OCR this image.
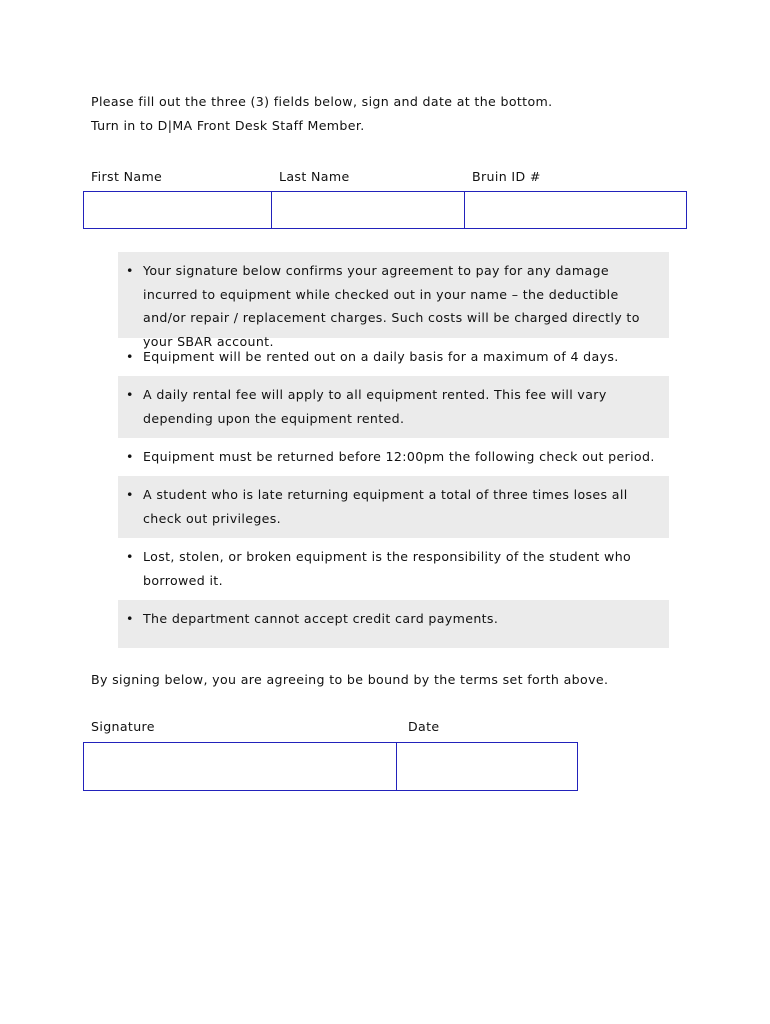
Please fill out the three (3) fields below, sign and date at the bottom.
Turn in to D|MA Front Desk Staff Member.
First Name	Last Name	Bruin ID #
• Your signature below confirms your agreement to pay for any damage incurred to equipment while checked out in your name – the deductible and/or repair / replacement charges. Such costs will be charged directly to your SBAR account.
• Equipment will be rented out on a daily basis for a maximum of 4 days.
• A daily rental fee will apply to all equipment rented. This fee will vary depending upon the equipment rented.
• Equipment must be returned before 12:00pm the following check out period.
• A student who is late returning equipment a total of three times loses all check out privileges.
• Lost, stolen, or broken equipment is the responsibility of the student who borrowed it.
• The department cannot accept credit card payments.
By signing below, you are agreeing to be bound by the terms set forth above.
Signature	Date
